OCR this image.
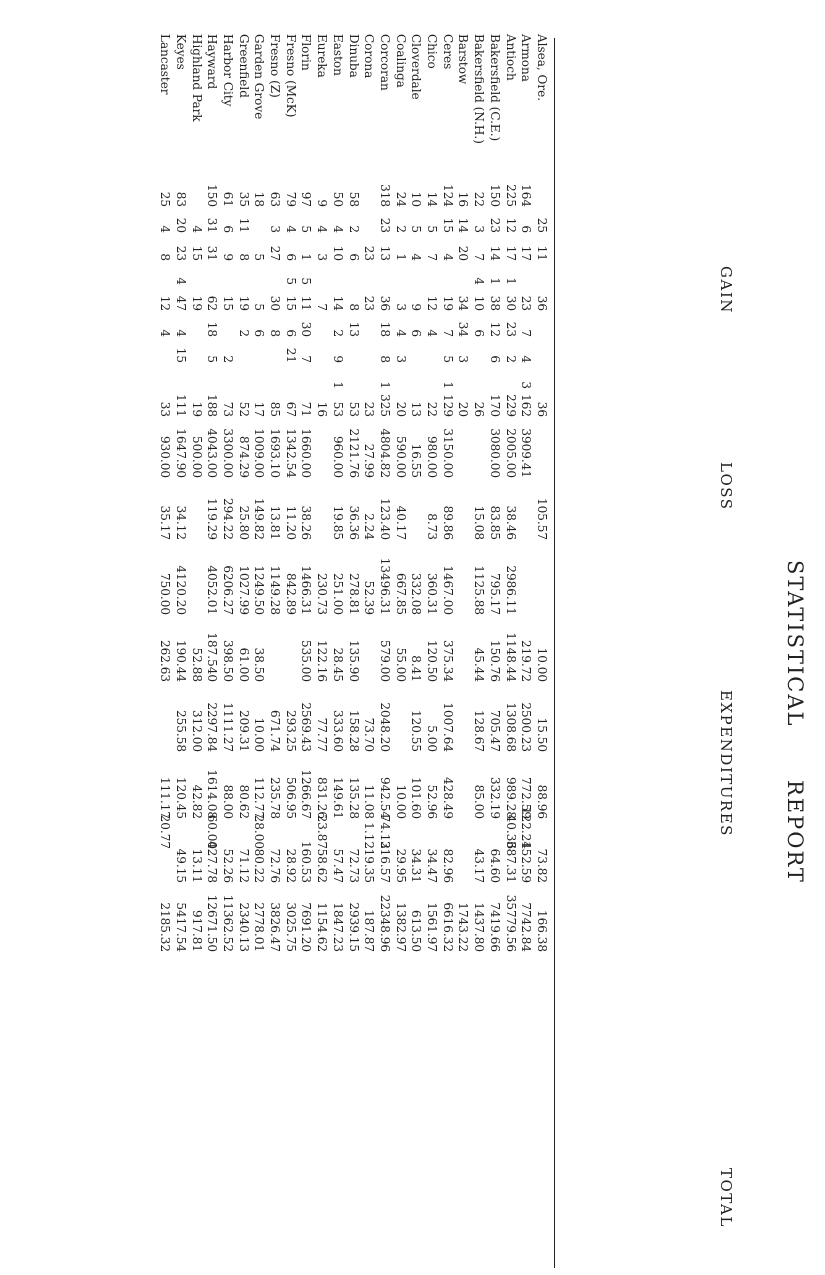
STATISTICAL
REPORT
GAIN
LOSS
EXPENDITURES
TOTAL
Alsea, Ore.
25
11
36
36
105.57
10.00
15.50
88.96
73.82
166.38
Armona
164
6
17
23
7
4
3
162
3909.41
219.72
2500.23
772.59
122.24
152.59
7742.84
Antioch
225
12
17
1
30
23
2
229
2005.00
38.46
2986.11
1148.44
1308.68
989.28
40.36
387.31
35779.56
Bakersfield (C.E.)
150
23
14
1
38
12
6
170
3080.00
83.85
795.17
150.76
705.47
332.19
64.60
7419.66
Bakersfield (N.H.)
22
3
7
4
10
6
26
15.08
1125.88
45.44
128.67
85.00
43.17
1437.80
Barstow
16
14
20
34
34
3
20
1743.22
Ceres
124
15
4
19
7
5
1
129
3150.00
89.86
1467.00
375.34
1007.64
428.49
82.96
6616.32
Chico
14
5
7
12
4
22
980.00
8.73
360.31
120.50
5.00
52.96
34.47
1561.97
Cloverdale
10
5
4
9
6
13
16.55
332.08
8.41
120.55
101.60
34.31
613.50
Coalinga
24
2
1
3
4
3
20
590.00
40.17
667.85
55.00
10.00
29.95
1382.97
Corcoran
318
23
13
36
18
8
1
325
4804.82
123.40
13496.31
579.00
2048.20
942.54
74.12
316.57
22348.96
Corona
23
23
23
27.99
2.24
52.39
73.70
11.08
1.12
19.35
187.87
Dinuba
58
2
6
8
13
53
2121.76
36.36
278.81
135.90
158.28
135.28
72.73
2939.15
Easton
50
4
10
14
2
9
1
53
960.00
19.85
251.00
28.45
333.60
149.61
57.47
1847.23
Eureka
9
4
3
7
16
230.73
122.16
77.77
831.26
23.87
58.62
1154.62
Florin
97
5
1
5
11
30
7
71
1660.00
38.26
1466.31
535.00
2569.43
1266.67
160.53
7691.20
Fresno (McK)
79
4
6
5
15
6
21
67
1342.54
11.20
842.89
293.25
506.95
28.92
3025.75
Fresno (Z)
63
3
27
30
8
85
1693.10
13.81
1149.28
671.74
235.78
72.76
3826.47
Garden Grove
18
5
5
6
17
1009.00
149.82
1249.50
38.50
10.00
112.77
28.00
80.22
2778.01
Greenfield
35
11
8
19
2
52
874.29
25.80
1027.99
61.00
209.31
80.62
71.12
2340.13
Harbor City
61
6
9
15
2
73
3300.00
294.22
6206.27
398.50
1111.27
88.00
52.26
11362.52
Hayward
150
31
31
62
18
5
188
4043.00
119.29
4052.01
187.540
2297.84
1614.08
60.00
427.78
12671.50
Highland Park
4
15
19
19
500.00
52.88
312.00
42.82
13.11
917.81
Keyes
83
20
23
4
47
4
15
111
1647.90
34.12
4120.20
190.44
255.58
120.45
49.15
5417.54
Lancaster
25
4
8
12
4
33
930.00
35.17
750.00
262.63
111.17
20.77
2185.32
